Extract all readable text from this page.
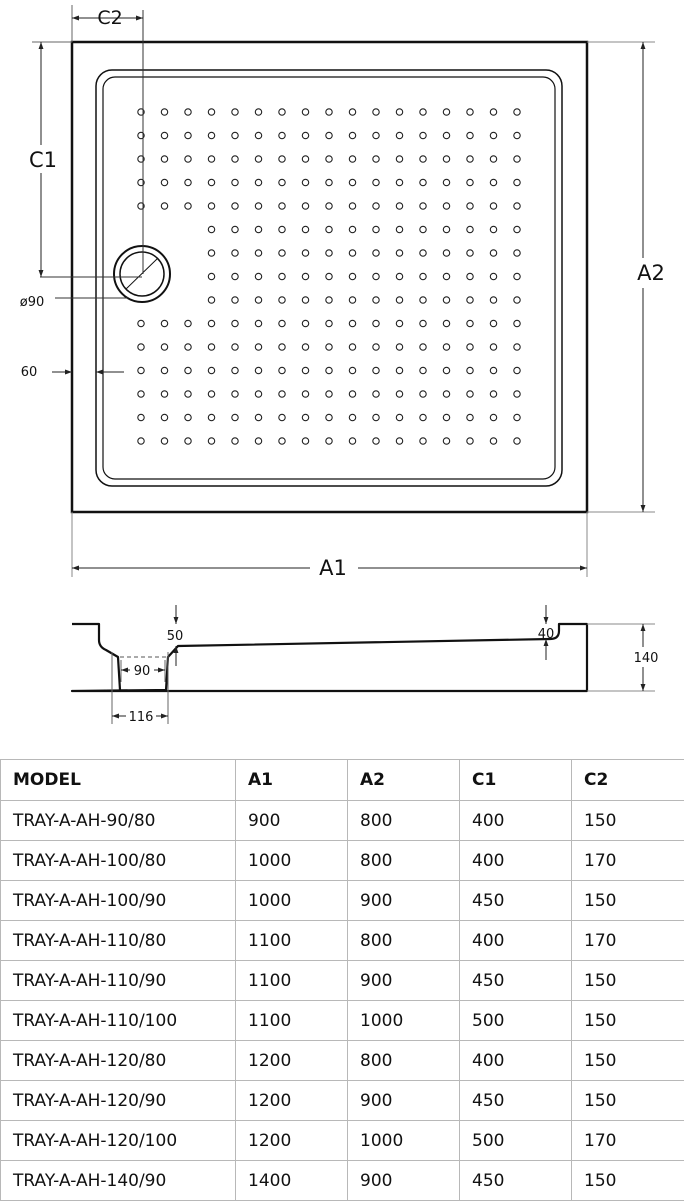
C2
C1
ø90
60
A2
A1
50	40
140
90
116
MODEL	A1	A2	C1	C2
TRAY-A-AH-90/80	900	800	400	150
TRAY-A-AH-100/80	1000	800	400	170
TRAY-A-AH-100/90	1000	900	450	150
TRAY-A-AH-110/80	1100	800	400	170
TRAY-A-AH-110/90	1100	900	450	150
TRAY-A-AH-110/100	1100	1000	500	150
TRAY-A-AH-120/80	1200	800	400	150
TRAY-A-AH-120/90	1200	900	450	150
TRAY-A-AH-120/100	1200	1000	500	170
TRAY-A-AH-140/90	1400	900	450	150
